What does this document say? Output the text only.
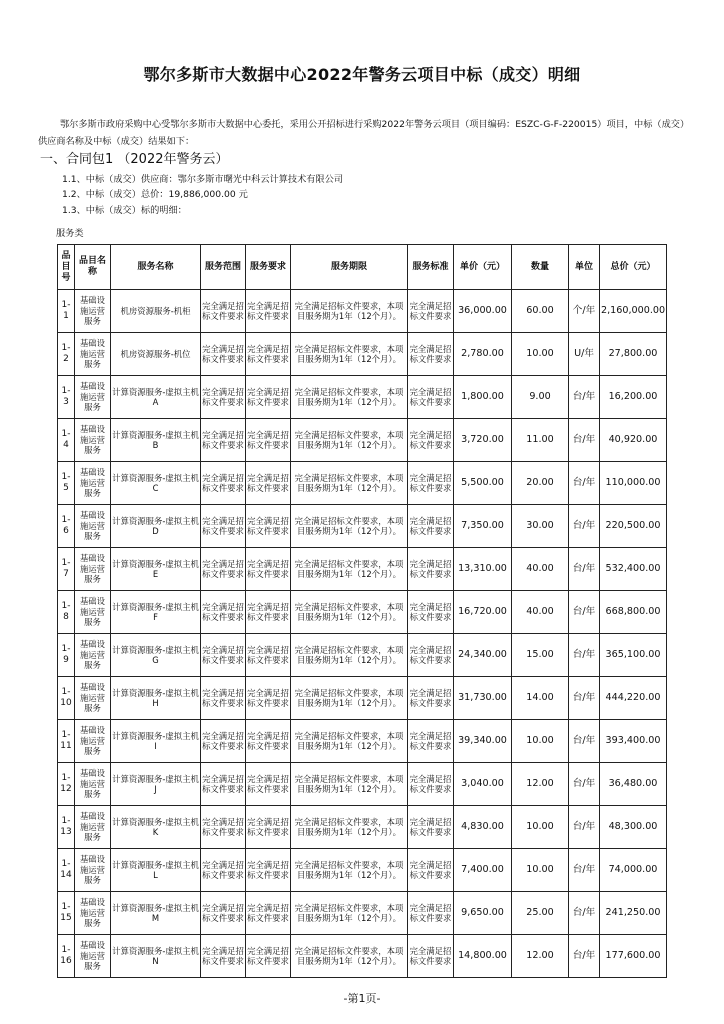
鄂尔多斯市大数据中心2022年警务云项目中标（成交）明细
鄂尔多斯市政府采购中心受鄂尔多斯市大数据中心委托，采用公开招标进行采购2022年警务云项目（项目编码：ESZC-G-F-220015）项目，中标（成交）供应商名称及中标（成交）结果如下：
一、合同包1 （2022年警务云）
1.1、中标（成交）供应商：鄂尔多斯市曙光中科云计算技术有限公司
1.2、中标（成交）总价：19,886,000.00 元
1.3、中标（成交）标的明细：
服务类
品目号	品目名称	服务名称	服务范围	服务要求	服务期限	服务标准	单价（元）	数量	单位	总价（元）
1-1	基础设施运营服务	机房资源服务-机柜	完全满足招标文件要求	完全满足招标文件要求	完全满足招标文件要求，本项目服务期为1年（12个月）。	完全满足招标文件要求	36,000.00	60.00	个/年	2,160,000.00
1-2	基础设施运营服务	机房资源服务-机位	完全满足招标文件要求	完全满足招标文件要求	完全满足招标文件要求，本项目服务期为1年（12个月）。	完全满足招标文件要求	2,780.00	10.00	U/年	27,800.00
1-3	基础设施运营服务	计算资源服务-虚拟主机A	完全满足招标文件要求	完全满足招标文件要求	完全满足招标文件要求，本项目服务期为1年（12个月）。	完全满足招标文件要求	1,800.00	9.00	台/年	16,200.00
1-4	基础设施运营服务	计算资源服务-虚拟主机B	完全满足招标文件要求	完全满足招标文件要求	完全满足招标文件要求，本项目服务期为1年（12个月）。	完全满足招标文件要求	3,720.00	11.00	台/年	40,920.00
1-5	基础设施运营服务	计算资源服务-虚拟主机C	完全满足招标文件要求	完全满足招标文件要求	完全满足招标文件要求，本项目服务期为1年（12个月）。	完全满足招标文件要求	5,500.00	20.00	台/年	110,000.00
1-6	基础设施运营服务	计算资源服务-虚拟主机D	完全满足招标文件要求	完全满足招标文件要求	完全满足招标文件要求，本项目服务期为1年（12个月）。	完全满足招标文件要求	7,350.00	30.00	台/年	220,500.00
1-7	基础设施运营服务	计算资源服务-虚拟主机E	完全满足招标文件要求	完全满足招标文件要求	完全满足招标文件要求，本项目服务期为1年（12个月）。	完全满足招标文件要求	13,310.00	40.00	台/年	532,400.00
1-8	基础设施运营服务	计算资源服务-虚拟主机F	完全满足招标文件要求	完全满足招标文件要求	完全满足招标文件要求，本项目服务期为1年（12个月）。	完全满足招标文件要求	16,720.00	40.00	台/年	668,800.00
1-9	基础设施运营服务	计算资源服务-虚拟主机G	完全满足招标文件要求	完全满足招标文件要求	完全满足招标文件要求，本项目服务期为1年（12个月）。	完全满足招标文件要求	24,340.00	15.00	台/年	365,100.00
1-10	基础设施运营服务	计算资源服务-虚拟主机H	完全满足招标文件要求	完全满足招标文件要求	完全满足招标文件要求，本项目服务期为1年（12个月）。	完全满足招标文件要求	31,730.00	14.00	台/年	444,220.00
1-11	基础设施运营服务	计算资源服务-虚拟主机I	完全满足招标文件要求	完全满足招标文件要求	完全满足招标文件要求，本项目服务期为1年（12个月）。	完全满足招标文件要求	39,340.00	10.00	台/年	393,400.00
1-12	基础设施运营服务	计算资源服务-虚拟主机J	完全满足招标文件要求	完全满足招标文件要求	完全满足招标文件要求，本项目服务期为1年（12个月）。	完全满足招标文件要求	3,040.00	12.00	台/年	36,480.00
1-13	基础设施运营服务	计算资源服务-虚拟主机K	完全满足招标文件要求	完全满足招标文件要求	完全满足招标文件要求，本项目服务期为1年（12个月）。	完全满足招标文件要求	4,830.00	10.00	台/年	48,300.00
1-14	基础设施运营服务	计算资源服务-虚拟主机L	完全满足招标文件要求	完全满足招标文件要求	完全满足招标文件要求，本项目服务期为1年（12个月）。	完全满足招标文件要求	7,400.00	10.00	台/年	74,000.00
1-15	基础设施运营服务	计算资源服务-虚拟主机M	完全满足招标文件要求	完全满足招标文件要求	完全满足招标文件要求，本项目服务期为1年（12个月）。	完全满足招标文件要求	9,650.00	25.00	台/年	241,250.00
1-16	基础设施运营服务	计算资源服务-虚拟主机N	完全满足招标文件要求	完全满足招标文件要求	完全满足招标文件要求，本项目服务期为1年（12个月）。	完全满足招标文件要求	14,800.00	12.00	台/年	177,600.00
-第1页-
